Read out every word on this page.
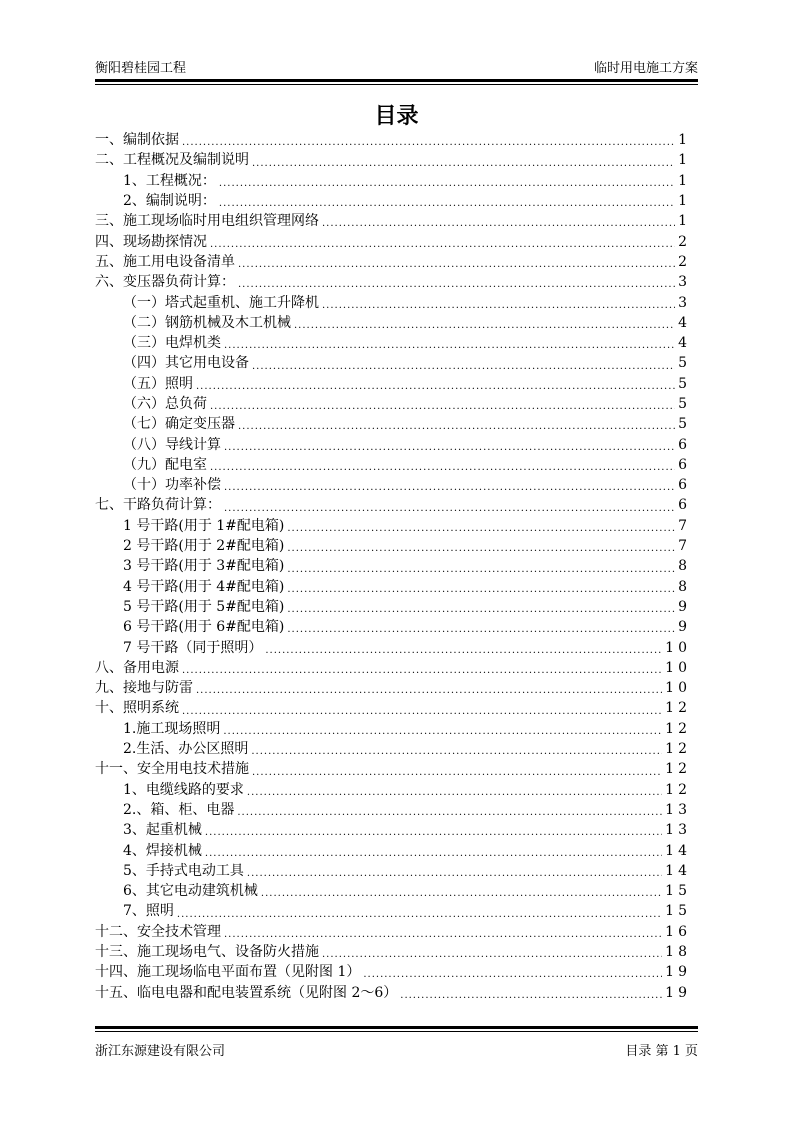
衡阳碧桂园工程	临时用电施工方案
目录
一、编制依据 .....	1
二、工程概况及编制说明 .....	1
1、工程概况： .....	1
2、编制说明： .....	1
三、施工现场临时用电组织管理网络 .....	1
四、现场勘探情况 .....	2
五、施工用电设备清单 .....	2
六、变压器负荷计算： .....	3
（一）塔式起重机、施工升降机 .....	3
（二）钢筋机械及木工机械 .....	4
（三）电焊机类 .....	4
（四）其它用电设备 .....	5
（五）照明 .....	5
（六）总负荷 .....	5
（七）确定变压器 .....	5
（八）导线计算 .....	6
（九）配电室 .....	6
（十）功率补偿 .....	6
七、干路负荷计算： .....	6
1 号干路(用于 1#配电箱) .....	7
2 号干路(用于 2#配电箱) .....	7
3 号干路(用于 3#配电箱) .....	8
4 号干路(用于 4#配电箱) .....	8
5 号干路(用于 5#配电箱) .....	9
6 号干路(用于 6#配电箱) .....	9
7 号干路（同于照明） .....	10
八、备用电源 .....	10
九、接地与防雷 .....	10
十、照明系统 .....	12
1.施工现场照明 .....	12
2.生活、办公区照明 .....	12
十一、安全用电技术措施 .....	12
1、电缆线路的要求 .....	12
2.、箱、柜、电器 .....	13
3、起重机械 .....	13
4、焊接机械 .....	14
5、手持式电动工具 .....	14
6、其它电动建筑机械 .....	15
7、照明 .....	15
十二、安全技术管理 .....	16
十三、施工现场电气、设备防火措施 .....	18
十四、施工现场临电平面布置（见附图 1） .....	19
十五、临电电器和配电装置系统（见附图 2～6） .....	19
浙江东源建设有限公司	目录 第 1 页
